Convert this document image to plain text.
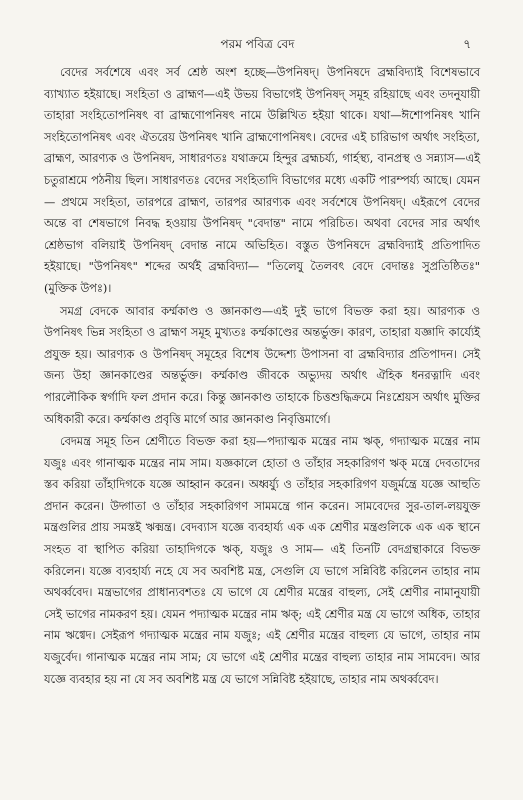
পরম পবিত্র বেদ	৭

বেদের সর্বশেষে এবং সর্ব শ্রেষ্ঠ অংশ হচ্ছে—উপনিষদ্। উপনিষদে ব্রহ্মবিদ্যাই বিশেষভাবে ব্যাখ্যাত হইয়াছে। সংহিতা ও ব্রাহ্মণ—এই উভয় বিভাগেই উপনিষদ্ সমূহ রহিয়াছে এবং তদনুযায়ী তাহারা সংহিতোপনিষৎ বা ব্রাহ্মণোপনিষৎ নামে উল্লিখিত হইয়া থাকে। যথা—ঈশোপনিষৎ খানি সংহিতোপনিষৎ এবং ঐতরেয় উপনিষৎ খানি ব্রাহ্মণোপনিষৎ। বেদের এই চারিভাগ অর্থাৎ সংহিতা, ব্রাহ্মণ, আরণ্যক ও উপনিষদ, সাধারণতঃ যথাক্রমে হিন্দুর ব্রহ্মচর্য্য, গার্হস্থ্য, বানপ্রস্থ ও সন্ন্যাস—এই চতুরাশ্রমে পঠনীয় ছিল। সাধারণতঃ বেদের সংহিতাদি বিভাগের মধ্যে একটি পারম্পর্য্য আছে। যেমন— প্রথমে সংহিতা, তারপরে ব্রাহ্মণ, তারপর আরণ্যক এবং সর্বশেষে উপনিষদ্। এইরূপে বেদের অন্তে বা শেষভাগে নিবদ্ধ হওয়ায় উপনিষদ্ "বেদান্ত" নামে পরিচিত। অথবা বেদের সার অর্থাৎ শ্রেষ্ঠভাগ বলিয়াই উপনিষদ্ বেদান্ত নামে অভিহিত। বস্তুত উপনিষদে ব্রহ্মবিদ্যাই প্রতিপাদিত হইয়াছে। "উপনিষৎ" শব্দের অর্থই ব্রহ্মবিদ্যা— "তিলেযু তৈলবৎ বেদে বেদান্তঃ সুপ্রতিষ্ঠিতঃ" (মুক্তিক উপঃ)।

সমগ্র বেদকে আবার কর্ম্মকাণ্ড ও জ্ঞানকাণ্ড—এই দুই ভাগে বিভক্ত করা হয়। আরণ্যক ও উপনিষৎ ভিন্ন সংহিতা ও ব্রাহ্মণ সমূহ মুখ্যতঃ কর্ম্মকাণ্ডের অন্তর্ভুক্ত। কারণ, তাহারা যজ্ঞাদি কার্য্যেই প্রযুক্ত হয়। আরণ্যক ও উপনিষদ্ সমূহের বিশেষ উদ্দেশ্য উপাসনা বা ব্রহ্মবিদ্যার প্রতিপাদন। সেই জন্য উহা জ্ঞানকাণ্ডের অন্তর্ভুক্ত। কর্ম্মকাণ্ড জীবকে অভ্যুদয় অর্থাৎ ঐহিক ধনরত্নাদি এবং পারলৌকিক স্বর্গাদি ফল প্রদান করে। কিন্তু জ্ঞানকাণ্ড তাহাকে চিত্তশুদ্ধিক্রমে নিঃশ্রেয়স অর্থাৎ মুক্তির অধিকারী করে। কর্ম্মকাণ্ড প্রবৃত্তি মার্গে আর জ্ঞানকাণ্ড নিবৃত্তিমার্গে।

বেদমন্ত্র সমূহ তিন শ্রেণীতে বিভক্ত করা হয়—পদ্যাত্মক মন্ত্রের নাম ঋক্, গদ্যাত্মক মন্ত্রের নাম যজুঃ এবং গানাত্মক মন্ত্রের নাম সাম। যজ্ঞকালে হোতা ও তাঁহার সহকারিগণ ঋক্ মন্ত্রে দেবতাদের স্তব করিয়া তাঁহাদিগকে যজ্ঞে আহ্বান করেন। অধ্বর্য্যু ও তাঁহার সহকারিগণ যজুর্মন্ত্রে যজ্ঞে আহুতি প্রদান করেন। উদ্গাতা ও তাঁহার সহকারিগণ সামমন্ত্রে গান করেন। সামবেদের সুর-তাল-লয়যুক্ত মন্ত্রগুলির প্রায় সমস্তই ঋক্মন্ত্র। বেদব্যাস যজ্ঞে ব্যবহার্য্য এক এক শ্রেণীর মন্ত্রগুলিকে এক এক স্থানে সংহত বা স্থাপিত করিয়া তাহাদিগকে ঋক্, যজুঃ ও সাম— এই তিনটি বেদগ্রন্থাকারে বিভক্ত করিলেন। যজ্ঞে ব্যবহার্য্য নহে যে সব অবশিষ্ট মন্ত্র, সেগুলি যে ভাগে সন্নিবিষ্ট করিলেন তাহার নাম অথর্ব্ববেদ। মন্ত্রভাগের প্রাধান্যবশতঃ যে ভাগে যে শ্রেণীর মন্ত্রের বাহুল্য, সেই শ্রেণীর নামানুযায়ী সেই ভাগের নামকরণ হয়। যেমন পদ্যাত্মক মন্ত্রের নাম ঋক্; এই শ্রেণীর মন্ত্র যে ভাগে অধিক, তাহার নাম ঋগ্বেদ। সেইরূপ গদ্যাত্মক মন্ত্রের নাম যজুঃ; এই শ্রেণীর মন্ত্রের বাহুল্য যে ভাগে, তাহার নাম যজুর্বেদ। গানাত্মক মন্ত্রের নাম সাম; যে ভাগে এই শ্রেণীর মন্ত্রের বাহুল্য তাহার নাম সামবেদ। আর যজ্ঞে ব্যবহার হয় না যে সব অবশিষ্ট মন্ত্র যে ভাগে সন্নিবিষ্ট হইয়াছে, তাহার নাম অথর্ব্ববেদ।
